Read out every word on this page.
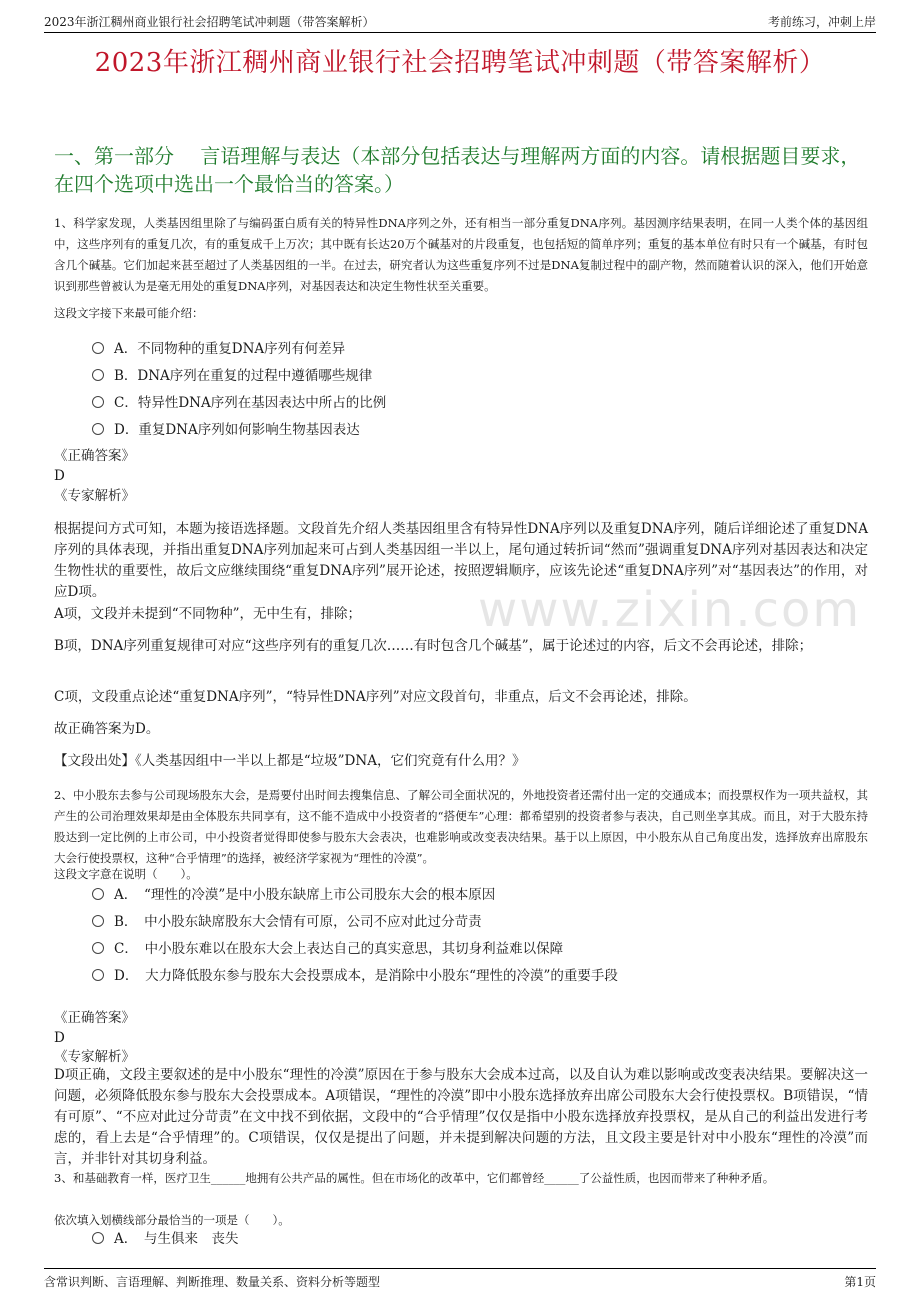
2023年浙江稠州商业银行社会招聘笔试冲刺题（带答案解析）	考前练习，冲刺上岸
2023年浙江稠州商业银行社会招聘笔试冲刺题（带答案解析）
一、第一部分　 言语理解与表达（本部分包括表达与理解两方面的内容。请根据题目要求，在四个选项中选出一个最恰当的答案。）
www.zixin.com
1、科学家发现，人类基因组里除了与编码蛋白质有关的特异性DNA序列之外，还有相当一部分重复DNA序列。基因测序结果表明，在同一人类个体的基因组中，这些序列有的重复几次，有的重复成千上万次；其中既有长达20万个碱基对的片段重复，也包括短的简单序列；重复的基本单位有时只有一个碱基，有时包含几个碱基。它们加起来甚至超过了人类基因组的一半。在过去，研究者认为这些重复序列不过是DNA复制过程中的副产物，然而随着认识的深入，他们开始意识到那些曾被认为是毫无用处的重复DNA序列，对基因表达和决定生物性状至关重要。
这段文字接下来最可能介绍：
A．不同物种的重复DNA序列有何差异
B．DNA序列在重复的过程中遵循哪些规律
C．特异性DNA序列在基因表达中所占的比例
D．重复DNA序列如何影响生物基因表达
《正确答案》
D
《专家解析》
根据提问方式可知，本题为接语选择题。文段首先介绍人类基因组里含有特异性DNA序列以及重复DNA序列，随后详细论述了重复DNA序列的具体表现，并指出重复DNA序列加起来可占到人类基因组一半以上，尾句通过转折词“然而”强调重复DNA序列对基因表达和决定生物性状的重要性，故后文应继续围绕“重复DNA序列”展开论述，按照逻辑顺序，应该先论述“重复DNA序列”对“基因表达”的作用，对应D项。
A项，文段并未提到“不同物种”，无中生有，排除；
B项，DNA序列重复规律可对应“这些序列有的重复几次……有时包含几个碱基”，属于论述过的内容，后文不会再论述，排除；
C项，文段重点论述“重复DNA序列”，“特异性DNA序列”对应文段首句，非重点，后文不会再论述，排除。
故正确答案为D。
【文段出处】《人类基因组中一半以上都是“垃圾”DNA，它们究竟有什么用？》
2、中小股东去参与公司现场股东大会，是焉要付出时间去搜集信息、了解公司全面状况的，外地投资者还需付出一定的交通成本；而投票权作为一项共益权，其产生的公司治理效果却是由全体股东共同享有，这不能不造成中小投资者的“搭便车”心理：都希望别的投资者参与表决，自己则坐享其成。而且，对于大股东持股达到一定比例的上市公司，中小投资者觉得即使参与股东大会表决，也难影响或改变表决结果。基于以上原因，中小股东从自己角度出发，选择放弃出席股东大会行使投票权，这种“合乎情理”的选择，被经济学家视为“理性的冷漠”。
这段文字意在说明（　　）。
A．　“理性的冷漠”是中小股东缺席上市公司股东大会的根本原因
B．　中小股东缺席股东大会情有可原，公司不应对此过分苛责
C．　中小股东难以在股东大会上表达自己的真实意思，其切身利益难以保障
D．　大力降低股东参与股东大会投票成本，是消除中小股东“理性的冷漠”的重要手段
《正确答案》
D
《专家解析》
D项正确，文段主要叙述的是中小股东“理性的冷漠”原因在于参与股东大会成本过高，以及自认为难以影响或改变表决结果。要解决这一问题，必须降低股东参与股东大会投票成本。A项错误，“理性的冷漠”即中小股东选择放弃出席公司股东大会行使投票权。B项错误，“情有可原”、“不应对此过分苛责”在文中找不到依据，文段中的“合乎情理”仅仅是指中小股东选择放弃投票权，是从自己的利益出发进行考虑的，看上去是“合乎情理”的。C项错误，仅仅是提出了问题，并未提到解决问题的方法，且文段主要是针对中小股东“理性的冷漠”而言，并非针对其切身利益。
3、和基础教育一样，医疗卫生______地拥有公共产品的属性。但在市场化的改革中，它们都曾经______了公益性质，也因而带来了种种矛盾。
依次填入划横线部分最恰当的一项是（　　）。
A．　与生俱来　丧失
含常识判断、言语理解、判断推理、数量关系、资料分析等题型	第1页
